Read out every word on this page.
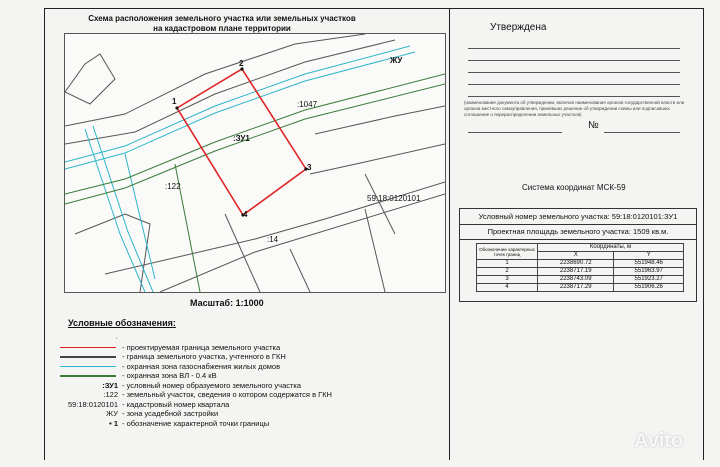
Схема расположения земельного участка или земельных участков
на кадастровом плане территории
ЖУ
:1047
:ЗУ1
:122
:14
59:18:0120101
1
2
3
4
Масштаб: 1:1000
Условные обозначения:
·
- проектируемая граница земельного участка
- граница земельного участка, учтенного в ГКН
- охранная зона газоснабжения жилых домов
- охранная зона ВЛ - 0.4 кВ
:ЗУ1 - условный номер образуемого земельного участка
:122 - земельный участок, сведения о котором содержатся в ГКН
59:18:0120101 - кадастровый номер квартала
ЖУ - зона усадебной застройки
• 1 - обозначение характерной точки границы
Утверждена
(наименование документа об утверждении, включая наименования органов государственной власти или органов местного самоуправления, принявших решение об утверждении схемы или подписавших соглашение о перераспределении земельных участков)
№
Система координат МСК-59
Условный номер земельного участка: 59:18:0120101:ЗУ1
Проектная площадь земельного участка: 1509 кв.м.
Обозначение характерных точек границ	Координаты, м	
	X	Y
1	2238690.72	551948.46
2	2238717.19	551963.97
3	2238743.09	551923.27
4	2238717.29	551906.26
Avito
